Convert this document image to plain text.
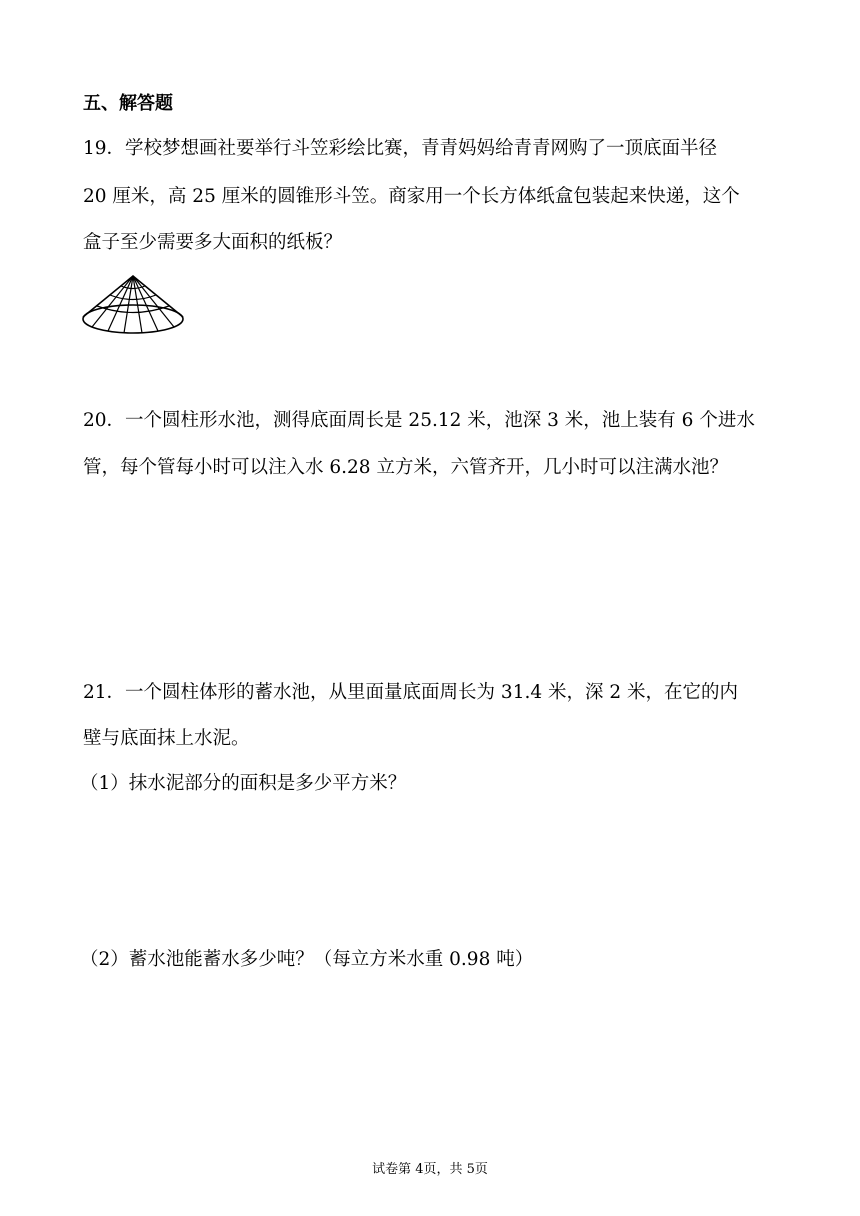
五、解答题
19．学校梦想画社要举行斗笠彩绘比赛，青青妈妈给青青网购了一顶底面半径
20 厘米，高 25 厘米的圆锥形斗笠。商家用一个长方体纸盒包装起来快递，这个
盒子至少需要多大面积的纸板？
20．一个圆柱形水池，测得底面周长是 25.12 米，池深 3 米，池上装有 6 个进水
管，每个管每小时可以注入水 6.28 立方米，六管齐开，几小时可以注满水池？
21．一个圆柱体形的蓄水池，从里面量底面周长为 31.4 米，深 2 米，在它的内
壁与底面抹上水泥。
（1）抹水泥部分的面积是多少平方米？
（2）蓄水池能蓄水多少吨？（每立方米水重 0.98 吨）
试卷第 4页，共 5页
